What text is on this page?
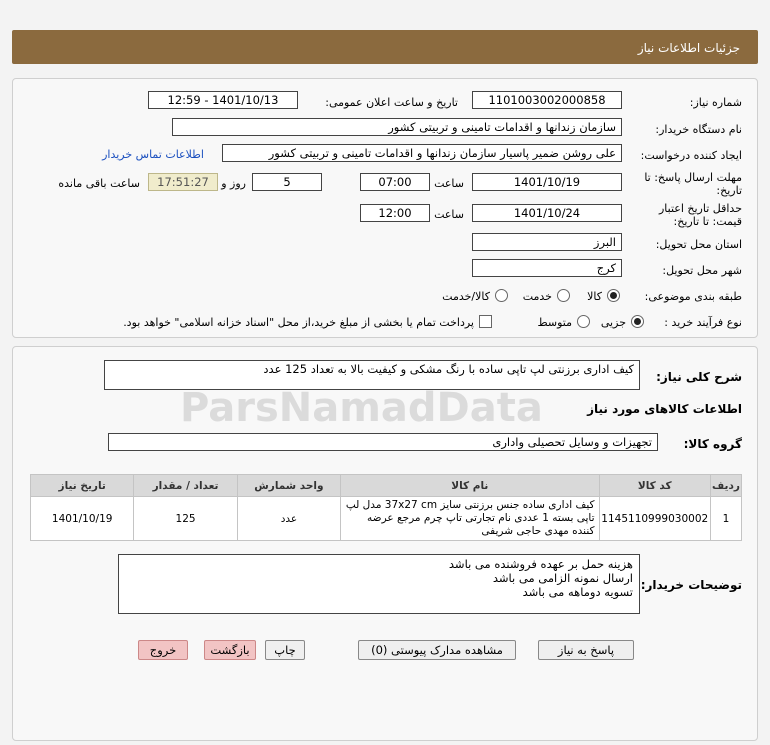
جزئیات اطلاعات نیاز
شماره نیاز:
1101003002000858
تاریخ و ساعت اعلان عمومی:
1401/10/13 - 12:59
نام دستگاه خریدار:
سازمان زندانها و اقدامات تامینی و تربیتی کشور
ایجاد کننده درخواست:
علی روشن ضمیر پاسیار سازمان زندانها و اقدامات تامینی و تربیتی کشور
اطلاعات تماس خریدار
مهلت ارسال پاسخ: تا
تاریخ:
1401/10/19
ساعت
07:00
5
روز و
17:51:27
ساعت باقی مانده
حداقل تاریخ اعتبار
قیمت: تا تاریخ:
1401/10/24
ساعت
12:00
استان محل تحویل:
البرز
شهر محل تحویل:
کرج
طبقه بندی موضوعی:
کالا
خدمت
کالا/خدمت
نوع فرآیند خرید :
جزیی
متوسط
پرداخت تمام یا بخشی از مبلغ خرید،از محل "اسناد خزانه اسلامی" خواهد بود.
شرح کلی نیاز:
کیف اداری برزنتی لپ تاپی ساده با رنگ مشکی و کیفیت بالا به تعداد 125 عدد
ParsNamadData	اطلاعات کالاهای مورد نیاز
گروه کالا:
تجهیزات و وسایل تحصیلی واداری
ردیف	کد کالا	نام کالا	واحد شمارش	تعداد / مقدار	تاریخ نیاز
1	1145110999030002	کیف اداری ساده جنس برزنتی سایز 37x27 cm مدل لپ تاپی بسته 1 عددی نام تجارتی تاپ چرم مرجع عرضه کننده مهدی حاجی شریفی	عدد	125	1401/10/19
توضیحات خریدار:
هزینه حمل بر عهده فروشنده می باشد
ارسال نمونه الزامی می باشد
تسویه دوماهه می باشد
پاسخ به نیاز
مشاهده مدارک پیوستی (0)
چاپ
بازگشت
خروج
